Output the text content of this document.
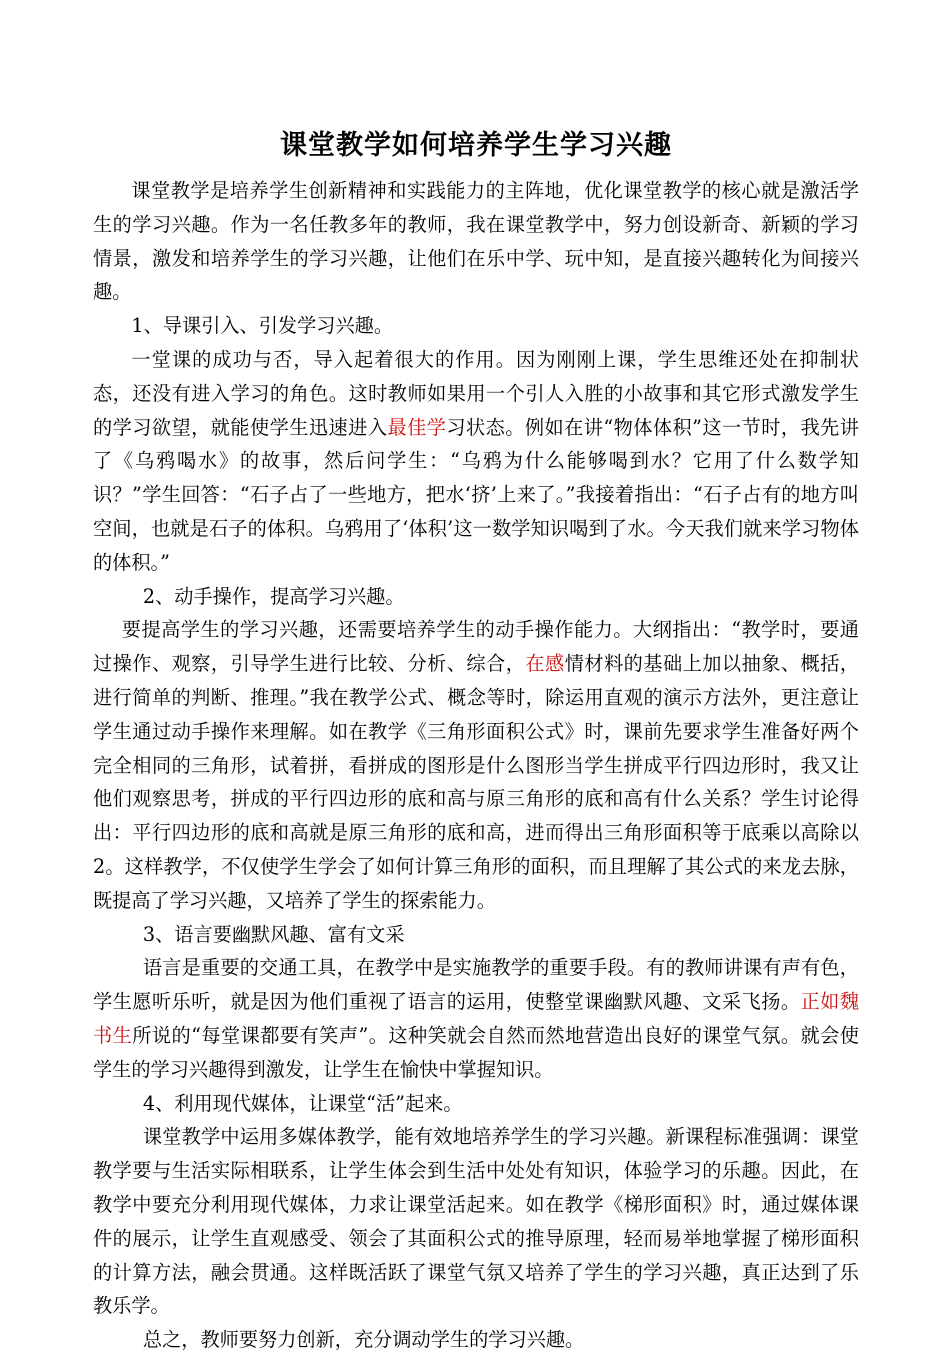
课堂教学如何培养学生学习兴趣

课堂教学是培养学生创新精神和实践能力的主阵地，优化课堂教学的核心就是激活学生的学习兴趣。作为一名任教多年的教师，我在课堂教学中，努力创设新奇、新颖的学习情景，激发和培养学生的学习兴趣，让他们在乐中学、玩中知，是直接兴趣转化为间接兴趣。

1、导课引入、引发学习兴趣。

一堂课的成功与否，导入起着很大的作用。因为刚刚上课，学生思维还处在抑制状态，还没有进入学习的角色。这时教师如果用一个引人入胜的小故事和其它形式激发学生的学习欲望，就能使学生迅速进入最佳学习状态。例如在讲“物体体积”这一节时，我先讲了《乌鸦喝水》的故事，然后问学生：“乌鸦为什么能够喝到水？它用了什么数学知识？”学生回答：“石子占了一些地方，把水‘挤’上来了。”我接着指出：“石子占有的地方叫空间，也就是石子的体积。乌鸦用了‘体积’这一数学知识喝到了水。今天我们就来学习物体的体积。”

2、动手操作，提高学习兴趣。

要提高学生的学习兴趣，还需要培养学生的动手操作能力。大纲指出：“教学时，要通过操作、观察，引导学生进行比较、分析、综合，在感情材料的基础上加以抽象、概括，进行简单的判断、推理。”我在教学公式、概念等时，除运用直观的演示方法外，更注意让学生通过动手操作来理解。如在教学《三角形面积公式》时，课前先要求学生准备好两个完全相同的三角形，试着拼，看拼成的图形是什么图形当学生拼成平行四边形时，我又让他们观察思考，拼成的平行四边形的底和高与原三角形的底和高有什么关系？学生讨论得出：平行四边形的底和高就是原三角形的底和高，进而得出三角形面积等于底乘以高除以2。这样教学，不仅使学生学会了如何计算三角形的面积，而且理解了其公式的来龙去脉，既提高了学习兴趣，又培养了学生的探索能力。

3、语言要幽默风趣、富有文采

语言是重要的交通工具，在教学中是实施教学的重要手段。有的教师讲课有声有色，学生愿听乐听，就是因为他们重视了语言的运用，使整堂课幽默风趣、文采飞扬。正如魏书生所说的“每堂课都要有笑声”。这种笑就会自然而然地营造出良好的课堂气氛。就会使学生的学习兴趣得到激发，让学生在愉快中掌握知识。

4、利用现代媒体，让课堂“活”起来。

课堂教学中运用多媒体教学，能有效地培养学生的学习兴趣。新课程标准强调：课堂教学要与生活实际相联系，让学生体会到生活中处处有知识，体验学习的乐趣。因此，在教学中要充分利用现代媒体，力求让课堂活起来。如在教学《梯形面积》时，通过媒体课件的展示，让学生直观感受、领会了其面积公式的推导原理，轻而易举地掌握了梯形面积的计算方法，融会贯通。这样既活跃了课堂气氛又培养了学生的学习兴趣，真正达到了乐教乐学。

总之，教师要努力创新，充分调动学生的学习兴趣。
